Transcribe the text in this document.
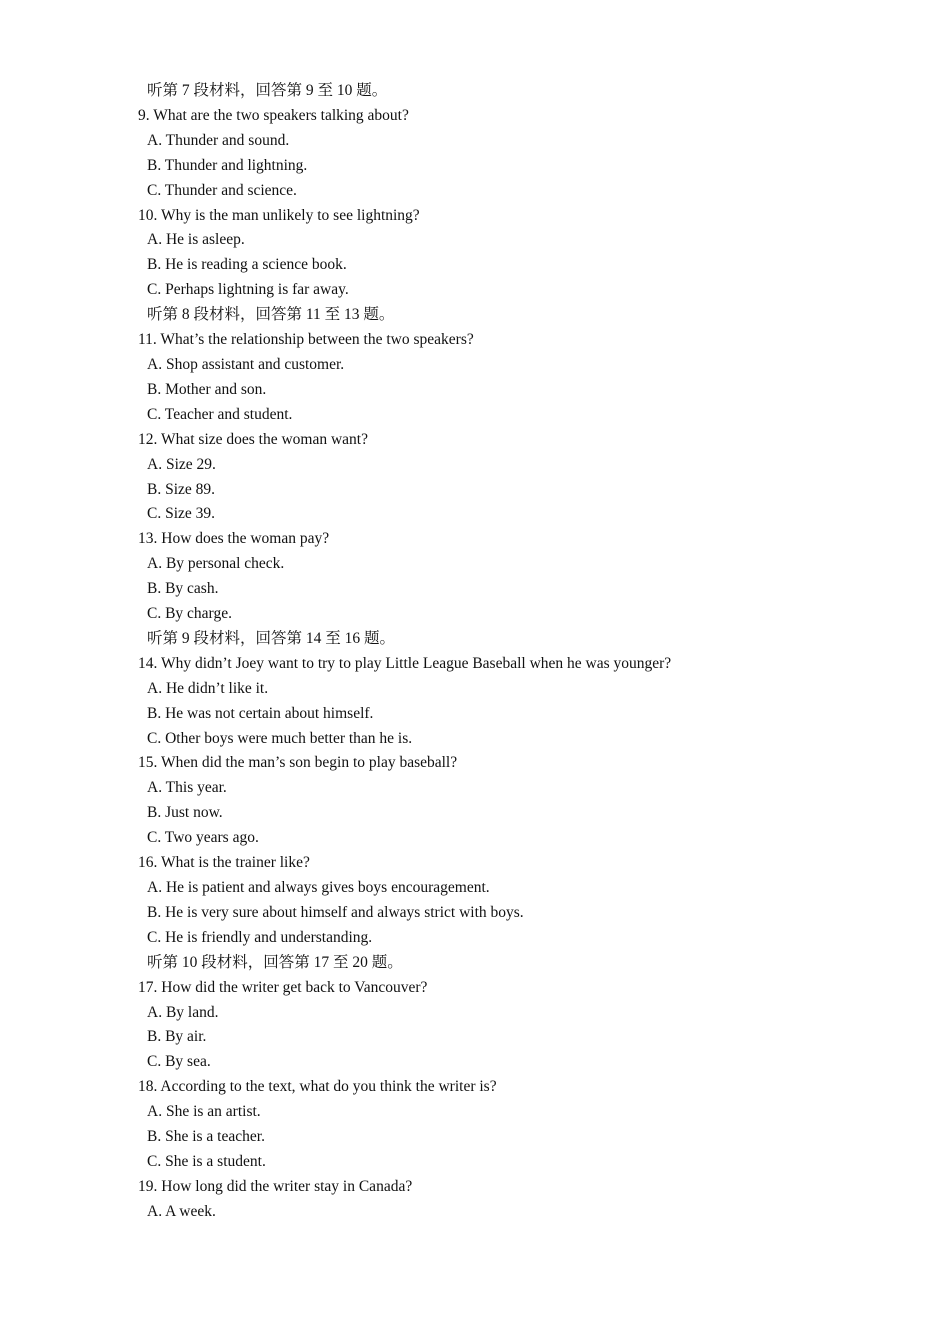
听第 7 段材料，回答第 9 至 10 题。
9. What are the two speakers talking about?
A. Thunder and sound.
B. Thunder and lightning.
C. Thunder and science.
10. Why is the man unlikely to see lightning?
A. He is asleep.
B. He is reading a science book.
C. Perhaps lightning is far away.
听第 8 段材料，回答第 11 至 13 题。
11. What’s the relationship between the two speakers?
A. Shop assistant and customer.
B. Mother and son.
C. Teacher and student.
12. What size does the woman want?
A. Size 29.
B. Size 89.
C. Size 39.
13. How does the woman pay?
A. By personal check.
B. By cash.
C. By charge.
听第 9 段材料，回答第 14 至 16 题。
14. Why didn’t Joey want to try to play Little League Baseball when he was younger?
A. He didn’t like it.
B. He was not certain about himself.
C. Other boys were much better than he is.
15. When did the man’s son begin to play baseball?
A. This year.
B. Just now.
C. Two years ago.
16. What is the trainer like?
A. He is patient and always gives boys encouragement.
B. He is very sure about himself and always strict with boys.
C. He is friendly and understanding.
听第 10 段材料，回答第 17 至 20 题。
17. How did the writer get back to Vancouver?
A. By land.
B. By air.
C. By sea.
18. According to the text, what do you think the writer is?
A. She is an artist.
B. She is a teacher.
C. She is a student.
19. How long did the writer stay in Canada?
A. A week.
